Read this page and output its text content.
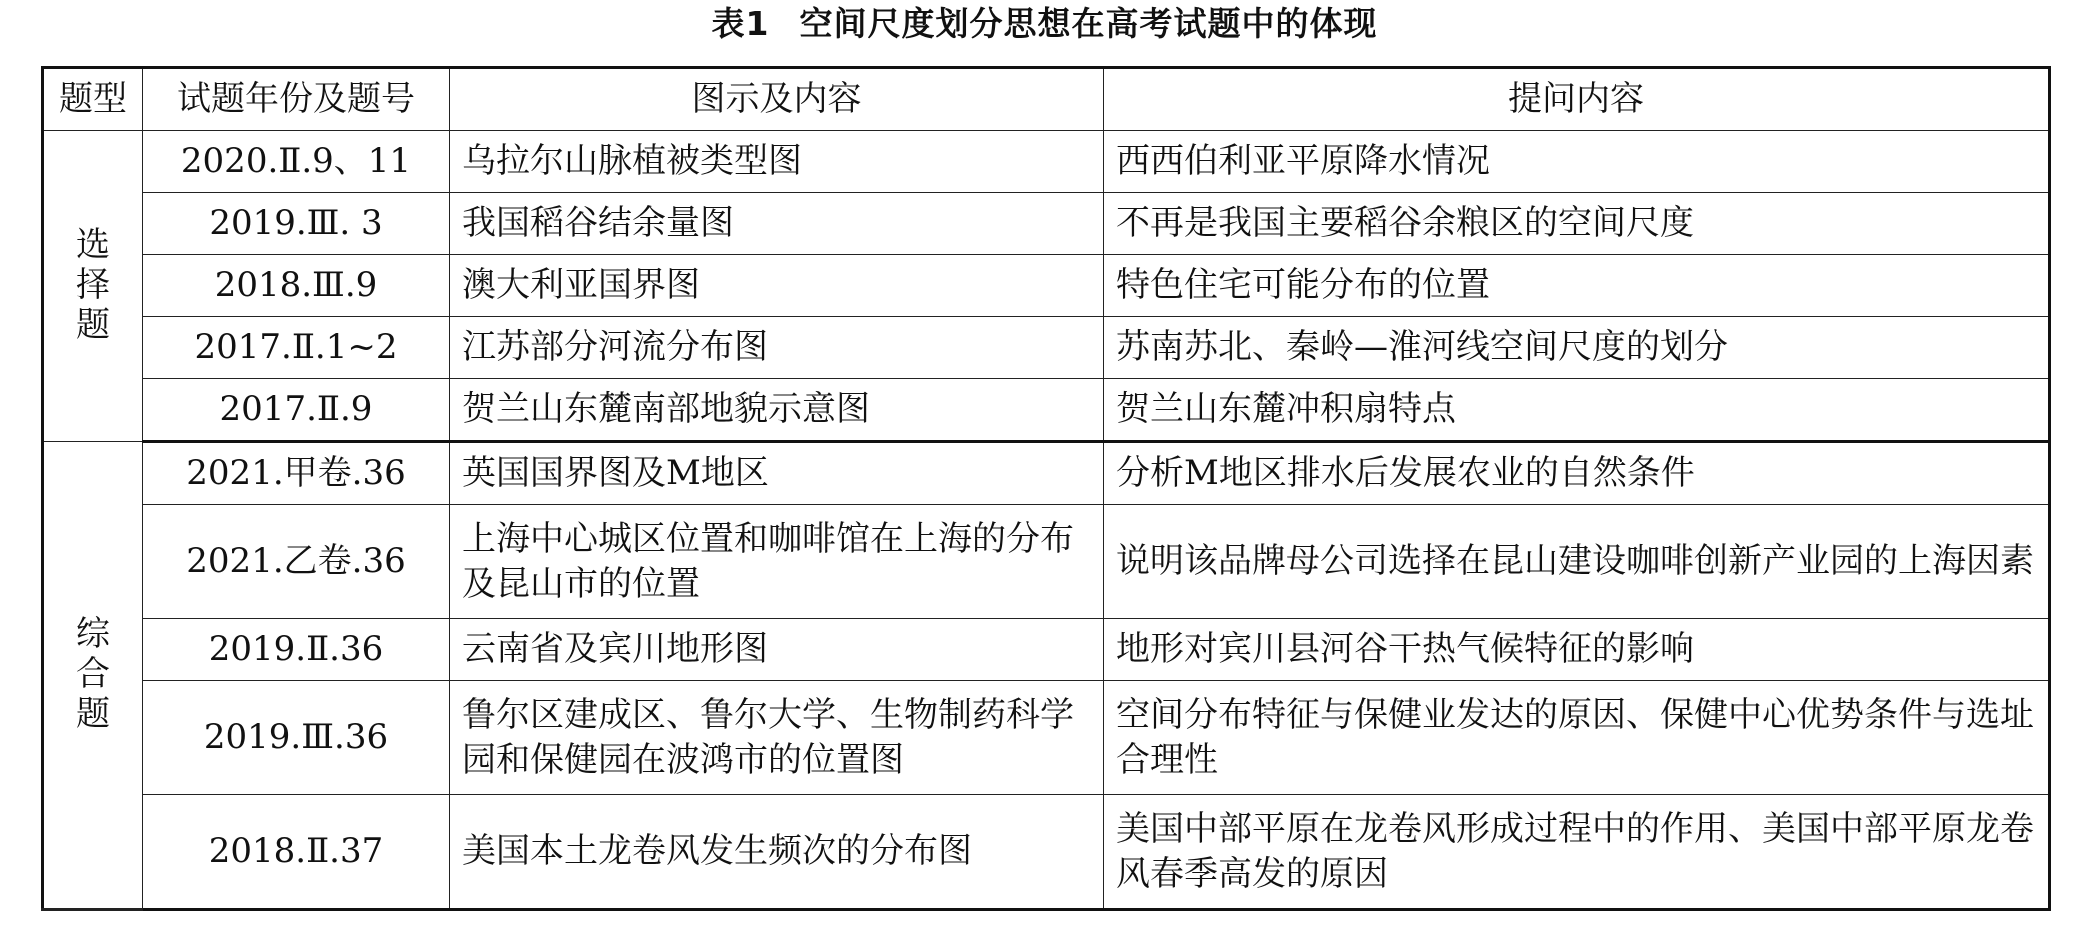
表1 空间尺度划分思想在高考试题中的体现
题型	试题年份及题号	图示及内容	提问内容
选择题	2020.Ⅱ.9、11	乌拉尔山脉植被类型图	西西伯利亚平原降水情况
	2019.Ⅲ. 3	我国稻谷结余量图	不再是我国主要稻谷余粮区的空间尺度
	2018.Ⅲ.9	澳大利亚国界图	特色住宅可能分布的位置
	2017.Ⅱ.1~2	江苏部分河流分布图	苏南苏北、秦岭—淮河线空间尺度的划分
	2017.Ⅱ.9	贺兰山东麓南部地貌示意图	贺兰山东麓冲积扇特点
综合题	2021.甲卷.36	英国国界图及M地区	分析M地区排水后发展农业的自然条件
	2021.乙卷.36	上海中心城区位置和咖啡馆在上海的分布及昆山市的位置	说明该品牌母公司选择在昆山建设咖啡创新产业园的上海因素
	2019.Ⅱ.36	云南省及宾川地形图	地形对宾川县河谷干热气候特征的影响
	2019.Ⅲ.36	鲁尔区建成区、鲁尔大学、生物制药科学园和保健园在波鸿市的位置图	空间分布特征与保健业发达的原因、保健中心优势条件与选址合理性
	2018.Ⅱ.37	美国本土龙卷风发生频次的分布图	美国中部平原在龙卷风形成过程中的作用、美国中部平原龙卷风春季高发的原因
